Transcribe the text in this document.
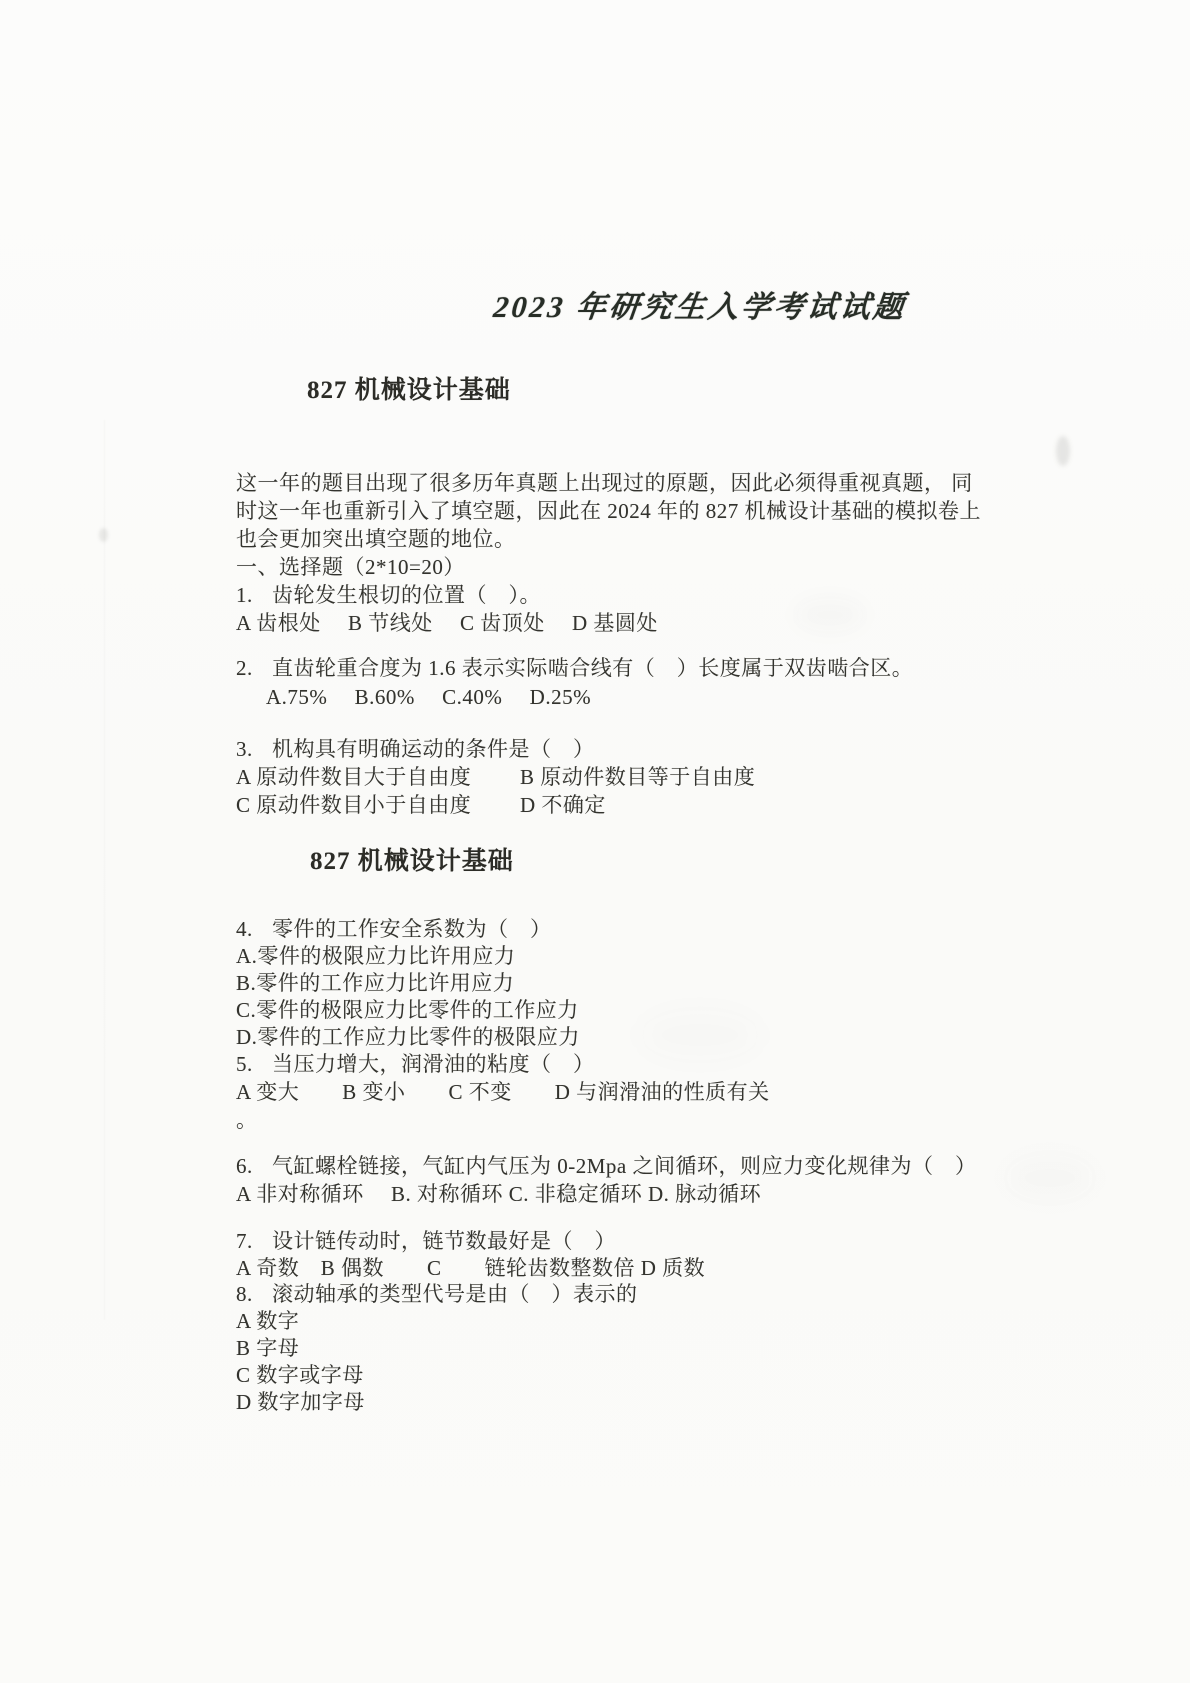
2023 年研究生入学考试试题
827 机械设计基础
这一年的题目出现了很多历年真题上出现过的原题，因此必须得重视真题， 同
时这一年也重新引入了填空题，因此在 2024 年的 827 机械设计基础的模拟卷上
也会更加突出填空题的地位。
一、选择题（2*10=20）
1. 齿轮发生根切的位置（　）。
A 齿根处　 B 节线处　 C 齿顶处　 D 基圆处
2. 直齿轮重合度为 1.6 表示实际啮合线有（　）长度属于双齿啮合区。
A.75%　 B.60%　 C.40%　 D.25%
3. 机构具有明确运动的条件是（　）
A 原动件数目大于自由度　　 B 原动件数目等于自由度
C 原动件数目小于自由度　　 D 不确定
827 机械设计基础
4. 零件的工作安全系数为（　）
A.零件的极限应力比许用应力
B.零件的工作应力比许用应力
C.零件的极限应力比零件的工作应力
D.零件的工作应力比零件的极限应力
5. 当压力增大，润滑油的粘度（　）
A 变大　　B 变小　　C 不变　　D 与润滑油的性质有关
。
6. 气缸螺栓链接，气缸内气压为 0-2Mpa 之间循环，则应力变化规律为（　）
A 非对称循环　 B. 对称循环 C. 非稳定循环 D. 脉动循环
7. 设计链传动时，链节数最好是（　）
A 奇数　B 偶数　　C　　链轮齿数整数倍 D 质数
8. 滚动轴承的类型代号是由（　）表示的
A 数字
B 字母
C 数字或字母
D 数字加字母
